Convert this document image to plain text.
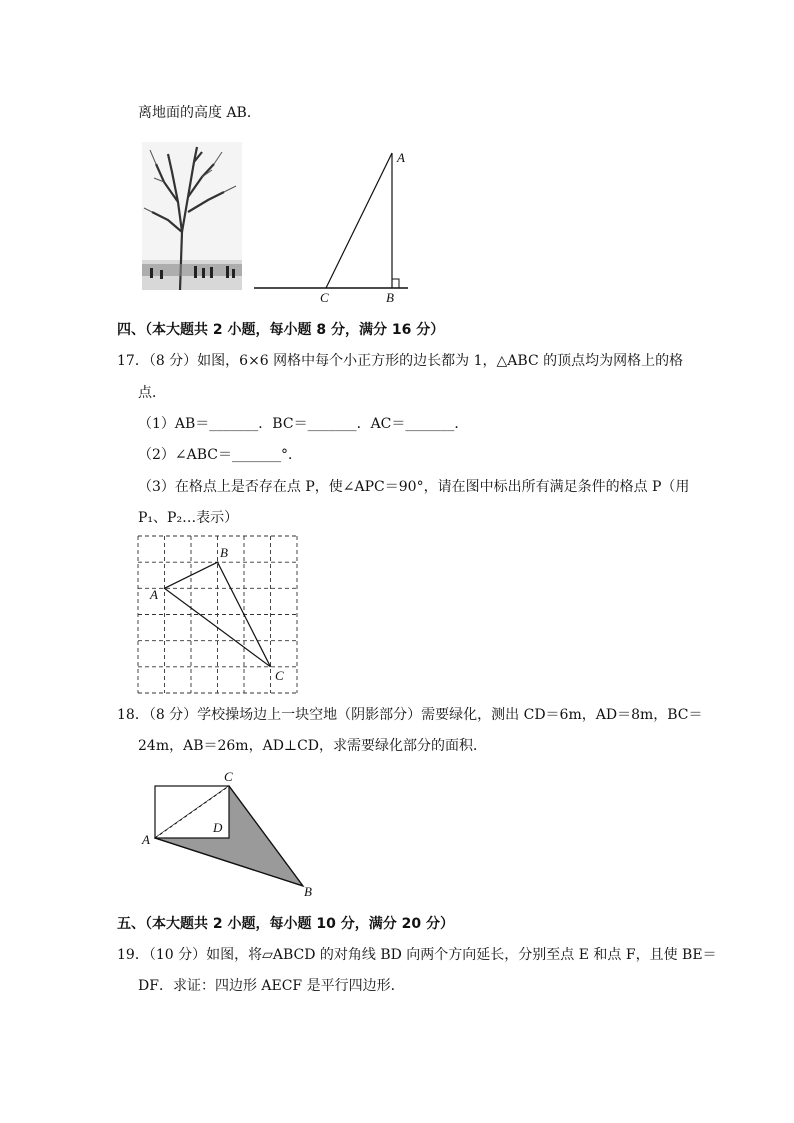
离地面的高度 AB．
A
C	B
四、（本大题共 2 小题，每小题 8 分，满分 16 分）
17．（8 分）如图，6×6 网格中每个小正方形的边长都为 1，△ABC 的顶点均为网格上的格
点．
（1）AB＝_______．BC＝_______．AC＝_______．
（2）∠ABC＝_______°．
（3）在格点上是否存在点 P，使∠APC＝90°，请在图中标出所有满足条件的格点 P（用
P₁、P₂…表示）
A
B
C
18．（8 分）学校操场边上一块空地（阴影部分）需要绿化，测出 CD＝6m，AD＝8m，BC＝
24m，AB＝26m，AD⊥CD，求需要绿化部分的面积．
C
D
A
B
五、（本大题共 2 小题，每小题 10 分，满分 20 分）
19．（10 分）如图，将▱ABCD 的对角线 BD 向两个方向延长，分别至点 E 和点 F，且使 BE＝
DF．求证：四边形 AECF 是平行四边形．
